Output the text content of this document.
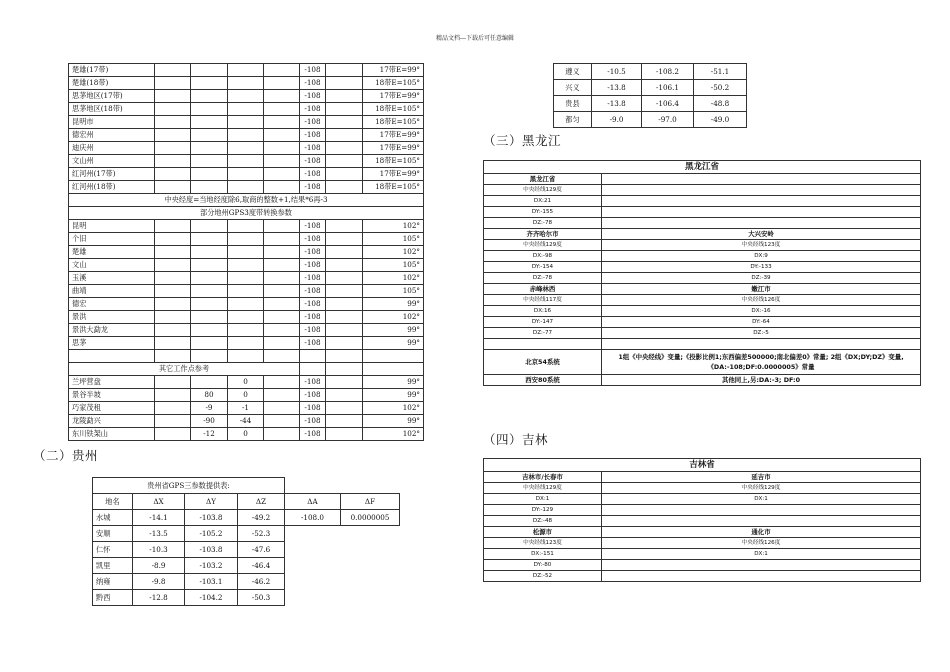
精品文档---下载后可任意编辑
楚雄(17带)					-108		17带E=99°
楚雄(18带)					-108		18带E=105°
思茅地区(17带)					-108		17带E=99°
思茅地区(18带)					-108		18带E=105°
昆明市					-108		18带E=105°
德宏州					-108		17带E=99°
迪庆州					-108		17带E=99°
文山州					-108		18带E=105°
红河州(17带)					-108		17带E=99°
红河州(18带)					-108		18带E=105°
中央经度=当地经度除6,取商的整数+1,结果*6再-3							
部分地州GPS3度带转换参数							
昆明					-108		102°
个旧					-108		105°
楚雄					-108		102°
文山					-108		105°
玉溪					-108		102°
曲靖					-108		105°
德宏					-108		99°
景洪					-108		102°
景洪大勐龙					-108		99°
思茅					-108		99°

其它工作点参考							
兰坪营盘			0		-108		99°
景谷半坡		80	0		-108		99°
巧家茂租		-9	-1		-108		102°
龙陵勐兴		-90	-44		-108		99°
东川铁架山		-12	0		-108		102°
（二）贵州
贵州省GPS三参数提供表:					
地名	ΔX	ΔY	ΔZ	ΔA	ΔF
水城	-14.1	-103.8	-49.2	-108.0	0.0000005
安顺	-13.5	-105.2	-52.3		
仁怀	-10.3	-103.8	-47.6		
凯里	-8.9	-103.2	-46.4		
纳雍	-9.8	-103.1	-46.2		
黔西	-12.8	-104.2	-50.3		
遵义	-10.5	-108.2	-51.1
兴义	-13.8	-106.1	-50.2
贵县	-13.8	-106.4	-48.8
都匀	-9.0	-97.0	-49.0
（三）黑龙江
黑龙江省	
黑龙江省	
中央经线129度	
DX:21	
DY:-155	
DZ:-78	
齐齐哈尔市	大兴安岭
中央经线129度	中央经线123度
DX:-98	DX:9
DY:-154	DY:-133
DZ:-78	DZ:-39
赤峰林西	嫩江市
中央经线117度	中央经线126度
DX:16	DX:-16
DY:-147	DY:-64
DZ:-77	DZ:-5

北京54系统	1组《中央经线》变量;《投影比例1;东西偏差500000;南北偏差0》常量; 2组《DX;DY;DZ》变量, 《DA:-108;DF:0.0000005》常量
西安80系统	其他同上,另:DA:-3; DF:0
（四）吉林
吉林省	
吉林市/长春市	延吉市
中央经线129度	中央经线129度
DX:1	DX:1
DY:-129	
DZ:-48	
松源市	通化市
中央经线123度	中央经线126度
DX:-151	DX:1
DY:-80	
DZ:-52	
